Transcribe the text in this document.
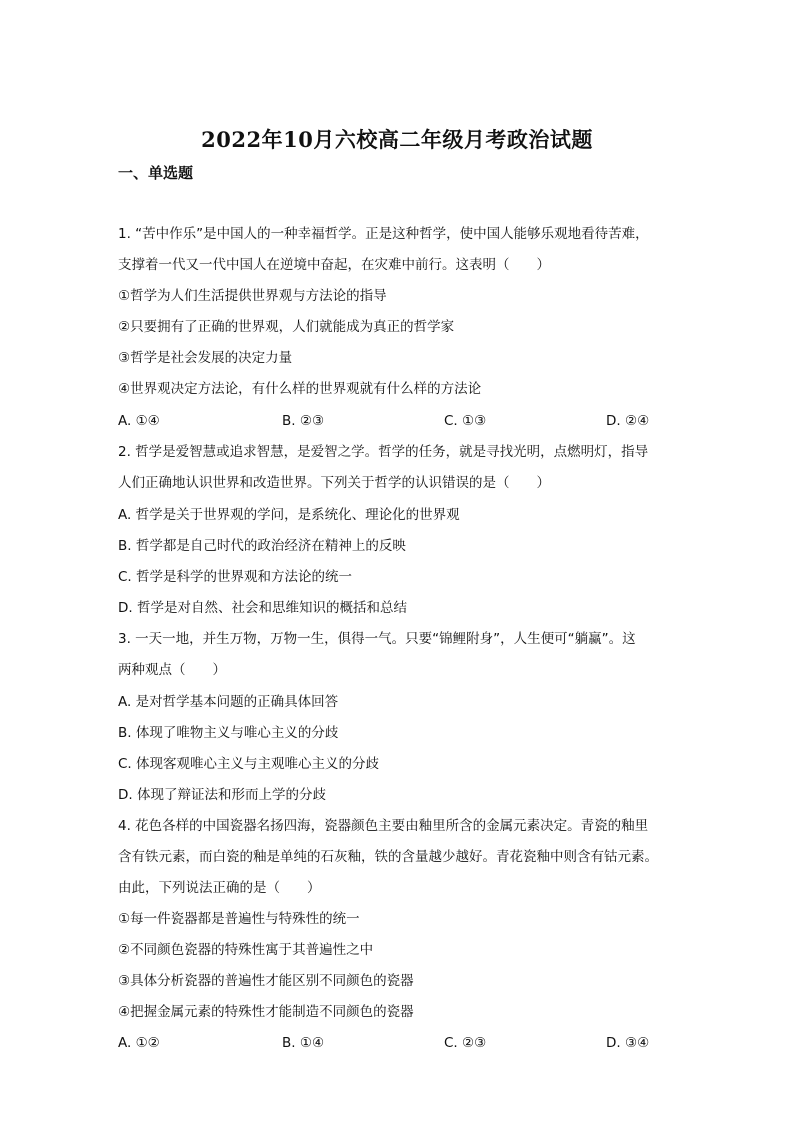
2022年10月六校高二年级月考政治试题
一、单选题
1. “苦中作乐”是中国人的一种幸福哲学。正是这种哲学，使中国人能够乐观地看待苦难，
支撑着一代又一代中国人在逆境中奋起，在灾难中前行。这表明（　　）
①哲学为人们生活提供世界观与方法论的指导
②只要拥有了正确的世界观，人们就能成为真正的哲学家
③哲学是社会发展的决定力量
④世界观决定方法论，有什么样的世界观就有什么样的方法论
A. ①④	B. ②③	C. ①③	D. ②④
2. 哲学是爱智慧或追求智慧，是爱智之学。哲学的任务，就是寻找光明，点燃明灯，指导
人们正确地认识世界和改造世界。下列关于哲学的认识错误的是（　　）
A. 哲学是关于世界观的学问，是系统化、理论化的世界观
B. 哲学都是自己时代的政治经济在精神上的反映
C. 哲学是科学的世界观和方法论的统一
D. 哲学是对自然、社会和思维知识的概括和总结
3. 一天一地，并生万物，万物一生，俱得一气。只要“锦鲤附身”，人生便可“躺赢”。这
两种观点（　　）
A. 是对哲学基本问题的正确具体回答
B. 体现了唯物主义与唯心主义的分歧
C. 体现客观唯心主义与主观唯心主义的分歧
D. 体现了辩证法和形而上学的分歧
4. 花色各样的中国瓷器名扬四海，瓷器颜色主要由釉里所含的金属元素决定。青瓷的釉里
含有铁元素，而白瓷的釉是单纯的石灰釉，铁的含量越少越好。青花瓷釉中则含有钴元素。
由此，下列说法正确的是（　　）
①每一件瓷器都是普遍性与特殊性的统一
②不同颜色瓷器的特殊性寓于其普遍性之中
③具体分析瓷器的普遍性才能区别不同颜色的瓷器
④把握金属元素的特殊性才能制造不同颜色的瓷器
A. ①②	B. ①④	C. ②③	D. ③④
